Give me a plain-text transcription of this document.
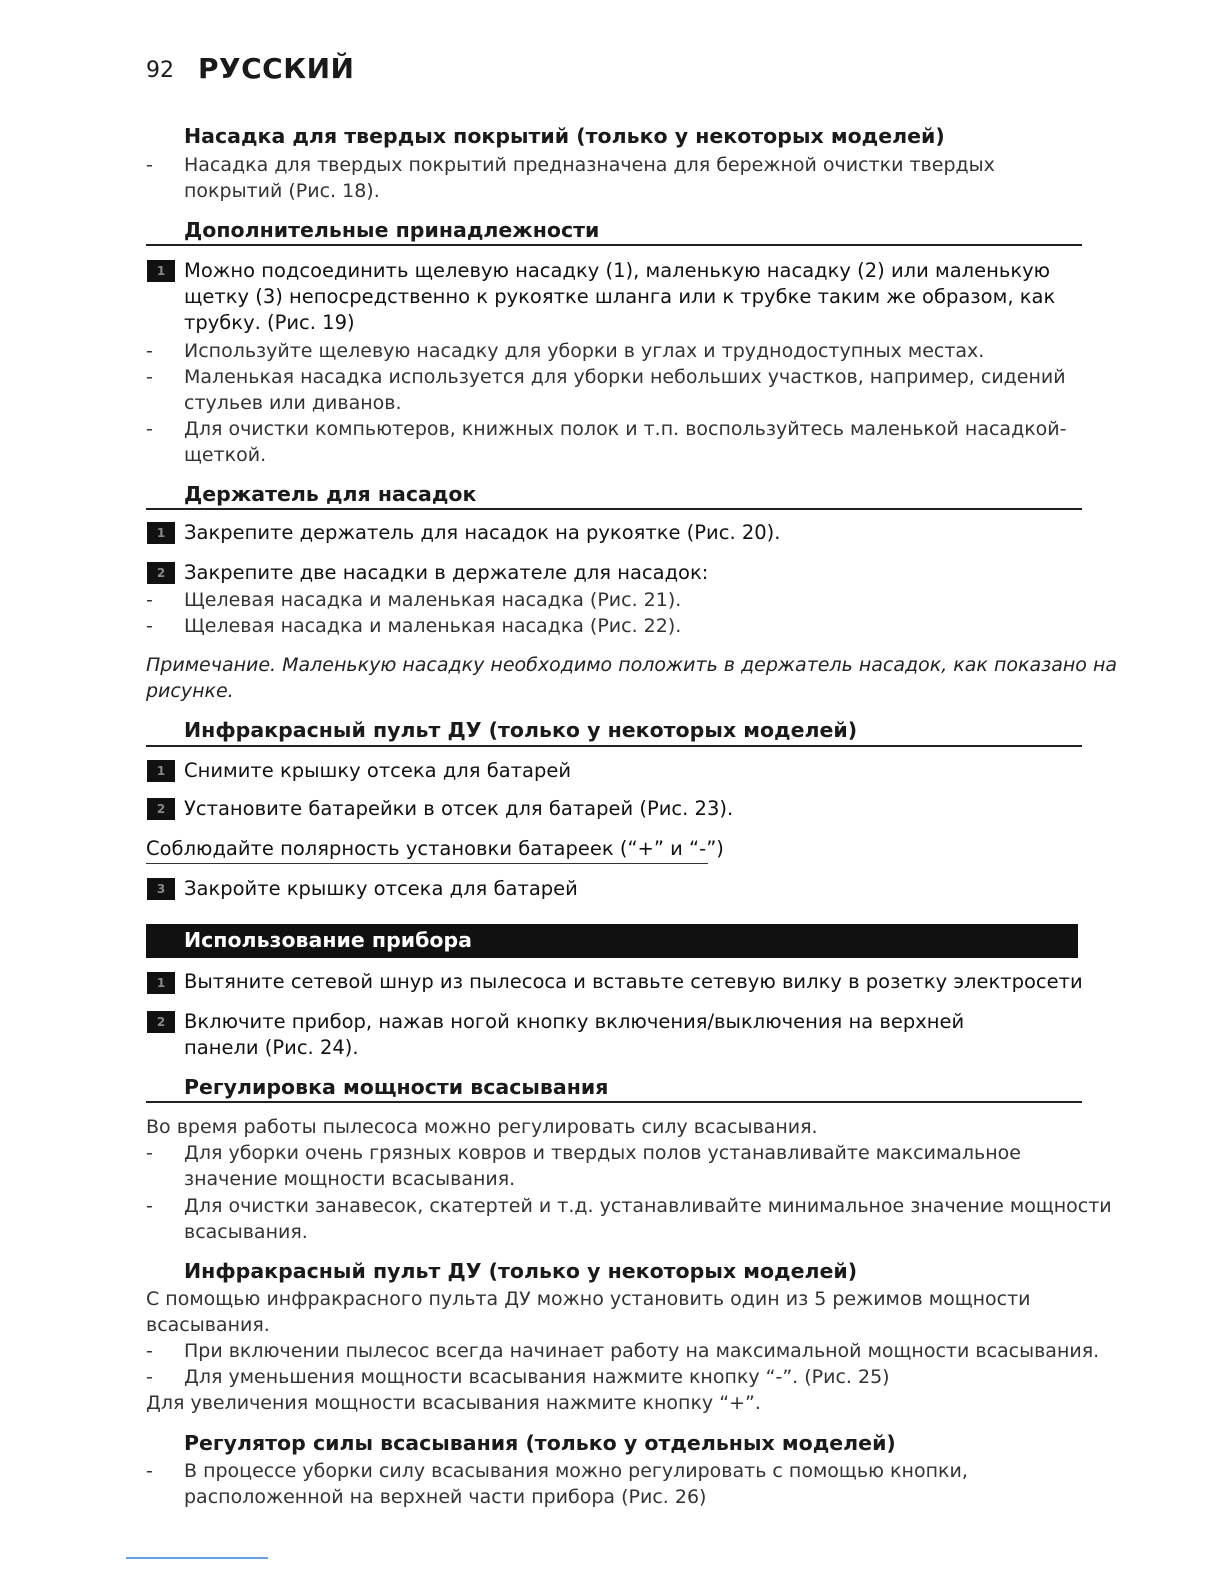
92 РУССКИЙ
Насадка для твердых покрытий (только у некоторых моделей)
- Насадка для твердых покрытий предназначена для бережной очистки твердых
покрытий (Рис. 18).
Дополнительные принадлежности
1 Можно подсоединить щелевую насадку (1), маленькую насадку (2) или маленькую
щетку (3) непосредственно к рукоятке шланга или к трубке таким же образом, как
трубку. (Рис. 19)
- Используйте щелевую насадку для уборки в углах и труднодоступных местах.
- Маленькая насадка используется для уборки небольших участков, например, сидений
стульев или диванов.
- Для очистки компьютеров, книжных полок и т.п. воспользуйтесь маленькой насадкой-
щеткой.
Держатель для насадок
1 Закрепите держатель для насадок на рукоятке (Рис. 20).
2 Закрепите две насадки в держателе для насадок:
- Щелевая насадка и маленькая насадка (Рис. 21).
- Щелевая насадка и маленькая насадка (Рис. 22).
Примечание. Маленькую насадку необходимо положить в держатель насадок, как показано на
рисунке.
Инфракрасный пульт ДУ (только у некоторых моделей)
1 Снимите крышку отсека для батарей
2 Установите батарейки в отсек для батарей (Рис. 23).
Соблюдайте полярность установки батареек (“+” и “-”)
3 Закройте крышку отсека для батарей
Использование прибора
1 Вытяните сетевой шнур из пылесоса и вставьте сетевую вилку в розетку электросети
2 Включите прибор, нажав ногой кнопку включения/выключения на верхней
панели (Рис. 24).
Регулировка мощности всасывания
Во время работы пылесоса можно регулировать силу всасывания.
- Для уборки очень грязных ковров и твердых полов устанавливайте максимальное
значение мощности всасывания.
- Для очистки занавесок, скатертей и т.д. устанавливайте минимальное значение мощности
всасывания.
Инфракрасный пульт ДУ (только у некоторых моделей)
С помощью инфракрасного пульта ДУ можно установить один из 5 режимов мощности
всасывания.
- При включении пылесос всегда начинает работу на максимальной мощности всасывания.
- Для уменьшения мощности всасывания нажмите кнопку “-”. (Рис. 25)
Для увеличения мощности всасывания нажмите кнопку “+”.
Регулятор силы всасывания (только у отдельных моделей)
- В процессе уборки силу всасывания можно регулировать с помощью кнопки,
расположенной на верхней части прибора (Рис. 26)
